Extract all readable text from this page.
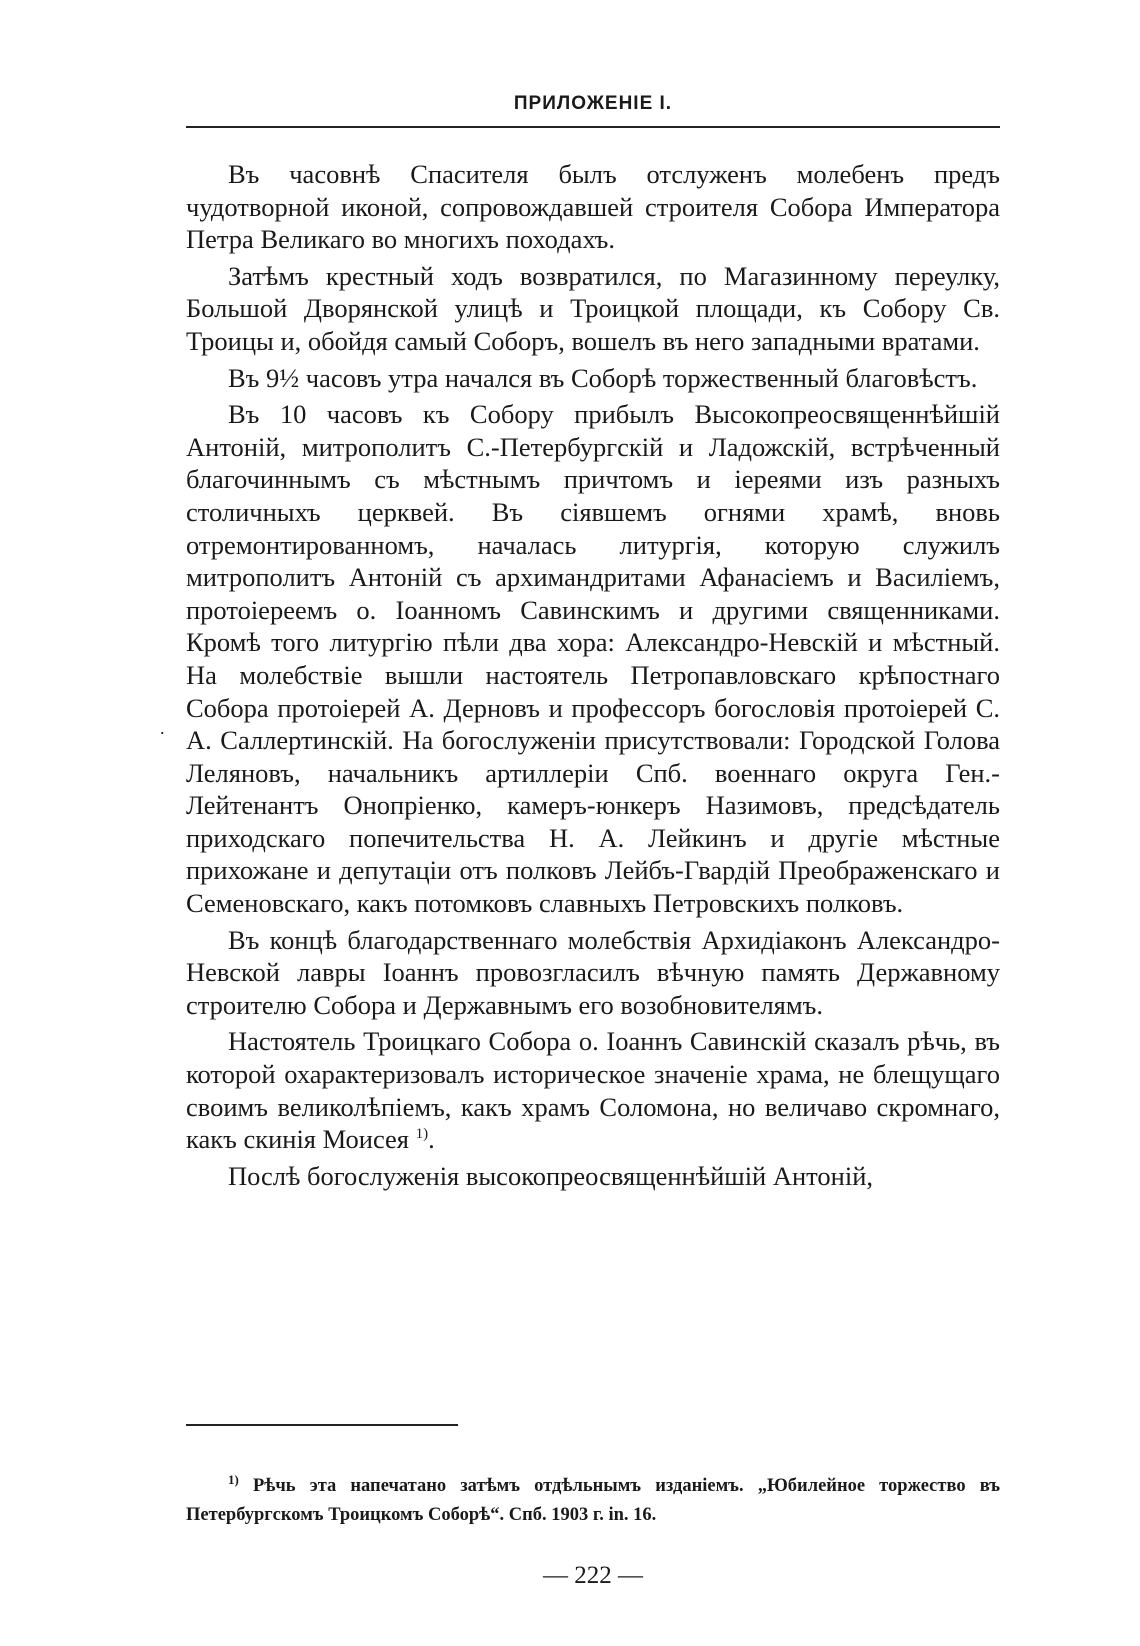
ПРИЛОЖЕНІЕ I.
.

Въ часовнѣ Спасителя былъ отслуженъ молебенъ предъ чудотворной иконой, сопровождавшей строителя Собора Императора Петра Великаго во многихъ походахъ.

Затѣмъ крестный ходъ возвратился, по Магазинному переулку, Большой Дворянской улицѣ и Троицкой площади, къ Собору Св. Троицы и, обойдя самый Соборъ, вошелъ въ него западными вратами.

Въ 9½ часовъ утра начался въ Соборѣ торжественный благовѣстъ.

Въ 10 часовъ къ Собору прибылъ Высокопреосвященнѣйшій Антоній, митрополитъ С.-Петербургскій и Ладожскій, встрѣченный благочиннымъ съ мѣстнымъ причтомъ и іереями изъ разныхъ столичныхъ церквей. Въ сіявшемъ огнями храмѣ, вновь отремонтированномъ, началась литургія, которую служилъ митрополитъ Антоній съ архимандритами Афанасіемъ и Василіемъ, протоіереемъ о. Іоанномъ Савинскимъ и другими священниками. Кромѣ того литургію пѣли два хора: Александро-Невскій и мѣстный. На молебствіе вышли настоятель Петропавловскаго крѣпостнаго Собора протоіерей А. Дерновъ и профессоръ богословія протоіерей С. А. Саллертинскій. На богослуженіи присутствовали: Городской Голова Леляновъ, начальникъ артиллеріи Спб. военнаго округа Ген.-Лейтенантъ Онопріенко, камеръ-юнкеръ Назимовъ, предсѣдатель приходскаго попечительства Н. А. Лейкинъ и другіе мѣстные прихожане и депутаціи отъ полковъ Лейбъ-Гвардій Преображенскаго и Семеновскаго, какъ потомковъ славныхъ Петровскихъ полковъ.

Въ концѣ благодарственнаго молебствія Архидіаконъ Александро-Невской лавры Іоаннъ провозгласилъ вѣчную память Державному строителю Собора и Державнымъ его возобновителямъ.

Настоятель Троицкаго Собора о. Іоаннъ Савинскій сказалъ рѣчь, въ которой охарактеризовалъ историческое значеніе храма, не блещущаго своимъ великолѣпіемъ, какъ храмъ Соломона, но величаво скромнаго, какъ скинія Моисея $^{1)}$.

Послѣ богослуженія высокопреосвященнѣйшій Антоній,

$^{1)}$ Рѣчь эта напечатано затѣмъ отдѣльнымъ изданіемъ. „Юбилейное торжество въ Петербургскомъ Троицкомъ Соборѣ“. Спб. 1903 г. in. 16.
— 222 —
